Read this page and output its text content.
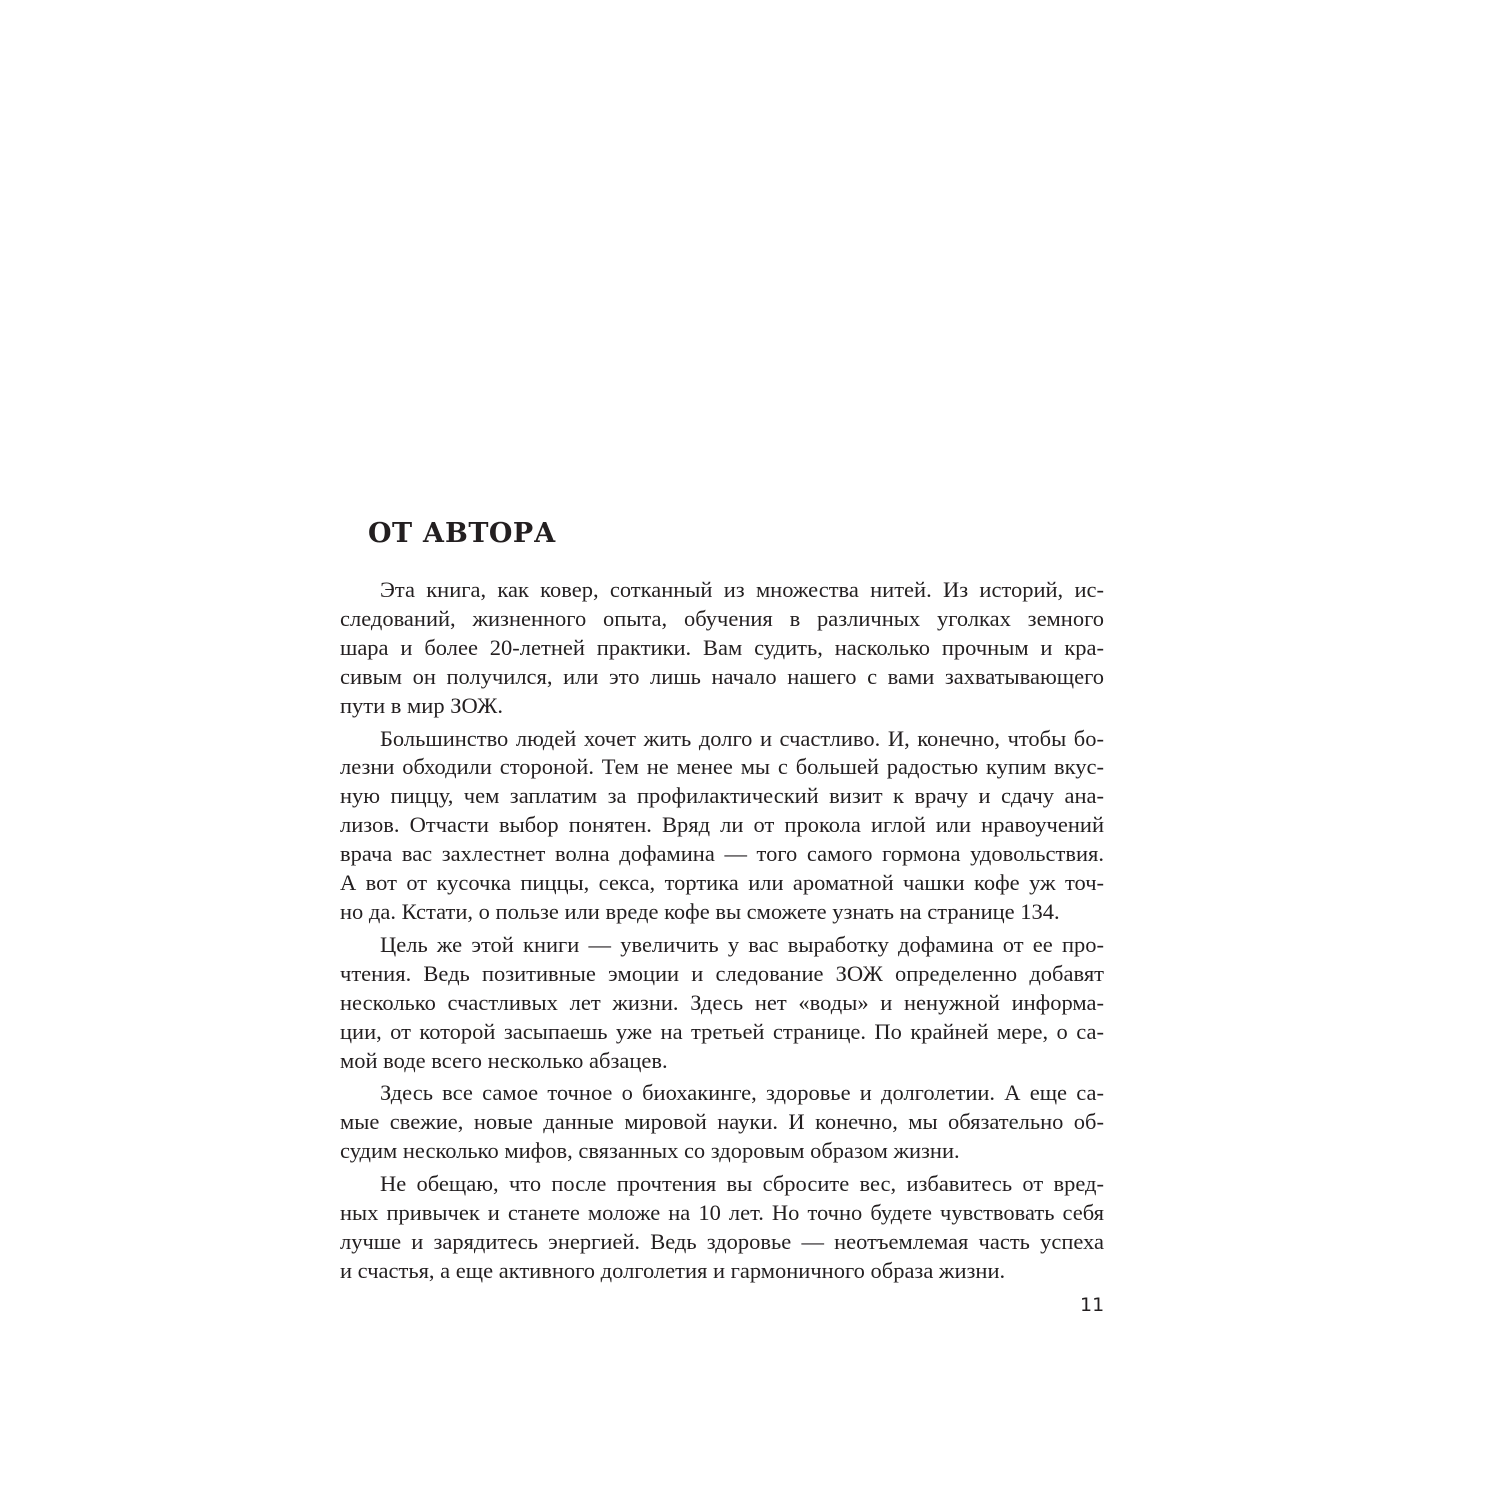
ОТ АВТОРА
Эта книга, как ковер, сотканный из множества нитей. Из историй, ис-
следований, жизненного опыта, обучения в различных уголках земного
шара и более 20-летней практики. Вам судить, насколько прочным и кра-
сивым он получился, или это лишь начало нашего с вами захватывающего
пути в мир ЗОЖ.
Большинство людей хочет жить долго и счастливо. И, конечно, чтобы бо-
лезни обходили стороной. Тем не менее мы с большей радостью купим вкус-
ную пиццу, чем заплатим за профилактический визит к врачу и сдачу ана-
лизов. Отчасти выбор понятен. Вряд ли от прокола иглой или нравоучений
врача вас захлестнет волна дофамина — того самого гормона удовольствия.
А вот от кусочка пиццы, секса, тортика или ароматной чашки кофе уж точ-
но да. Кстати, о пользе или вреде кофе вы сможете узнать на странице 134.
Цель же этой книги — увеличить у вас выработку дофамина от ее про-
чтения. Ведь позитивные эмоции и следование ЗОЖ определенно добавят
несколько счастливых лет жизни. Здесь нет «воды» и ненужной информа-
ции, от которой засыпаешь уже на третьей странице. По крайней мере, о са-
мой воде всего несколько абзацев.
Здесь все самое точное о биохакинге, здоровье и долголетии. А еще са-
мые свежие, новые данные мировой науки. И конечно, мы обязательно об-
судим несколько мифов, связанных со здоровым образом жизни.
Не обещаю, что после прочтения вы сбросите вес, избавитесь от вред-
ных привычек и станете моложе на 10 лет. Но точно будете чувствовать себя
лучше и зарядитесь энергией. Ведь здоровье — неотъемлемая часть успеха
и счастья, а еще активного долголетия и гармоничного образа жизни.
11
